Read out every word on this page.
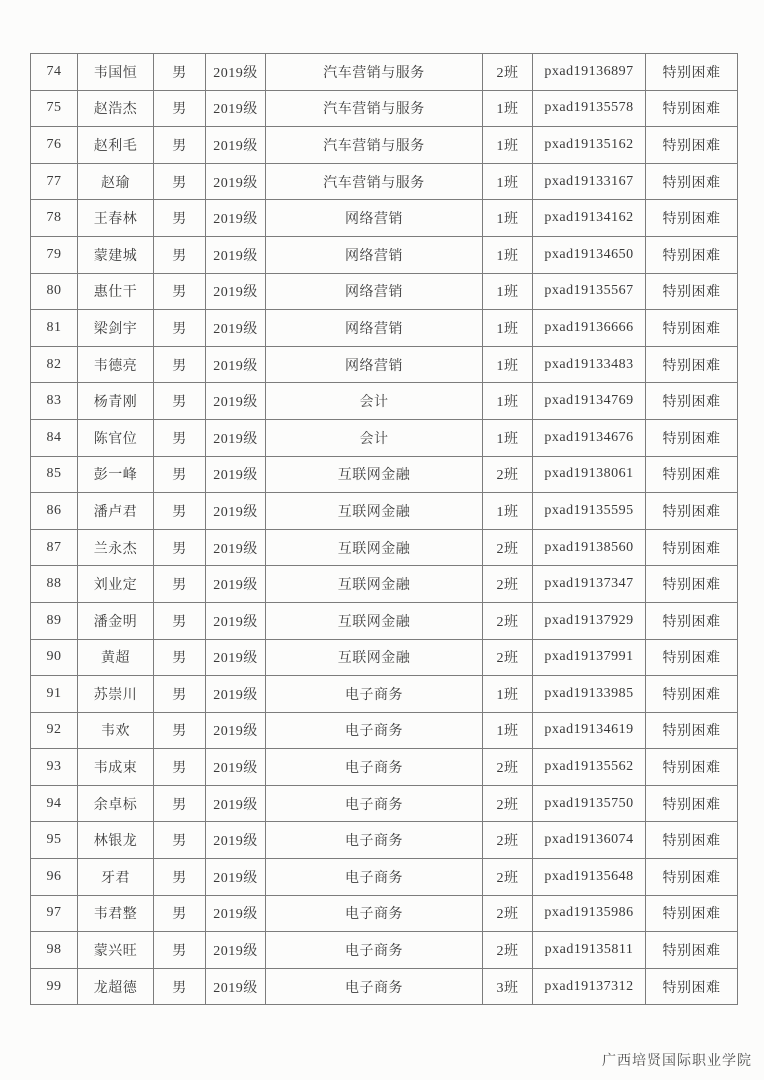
74	韦国恒	男	2019级	汽车营销与服务	2班	pxad19136897	特别困难
75	赵浩杰	男	2019级	汽车营销与服务	1班	pxad19135578	特别困难
76	赵利毛	男	2019级	汽车营销与服务	1班	pxad19135162	特别困难
77	赵瑜	男	2019级	汽车营销与服务	1班	pxad19133167	特别困难
78	王春林	男	2019级	网络营销	1班	pxad19134162	特别困难
79	蒙建城	男	2019级	网络营销	1班	pxad19134650	特别困难
80	惠仕干	男	2019级	网络营销	1班	pxad19135567	特别困难
81	梁剑宇	男	2019级	网络营销	1班	pxad19136666	特别困难
82	韦德亮	男	2019级	网络营销	1班	pxad19133483	特别困难
83	杨青刚	男	2019级	会计	1班	pxad19134769	特别困难
84	陈官位	男	2019级	会计	1班	pxad19134676	特别困难
85	彭一峰	男	2019级	互联网金融	2班	pxad19138061	特别困难
86	潘卢君	男	2019级	互联网金融	1班	pxad19135595	特别困难
87	兰永杰	男	2019级	互联网金融	2班	pxad19138560	特别困难
88	刘业定	男	2019级	互联网金融	2班	pxad19137347	特别困难
89	潘金明	男	2019级	互联网金融	2班	pxad19137929	特别困难
90	黄超	男	2019级	互联网金融	2班	pxad19137991	特别困难
91	苏崇川	男	2019级	电子商务	1班	pxad19133985	特别困难
92	韦欢	男	2019级	电子商务	1班	pxad19134619	特别困难
93	韦成束	男	2019级	电子商务	2班	pxad19135562	特别困难
94	余卓标	男	2019级	电子商务	2班	pxad19135750	特别困难
95	林银龙	男	2019级	电子商务	2班	pxad19136074	特别困难
96	牙君	男	2019级	电子商务	2班	pxad19135648	特别困难
97	韦君整	男	2019级	电子商务	2班	pxad19135986	特别困难
98	蒙兴旺	男	2019级	电子商务	2班	pxad19135811	特别困难
99	龙超德	男	2019级	电子商务	3班	pxad19137312	特别困难
广西培贤国际职业学院
